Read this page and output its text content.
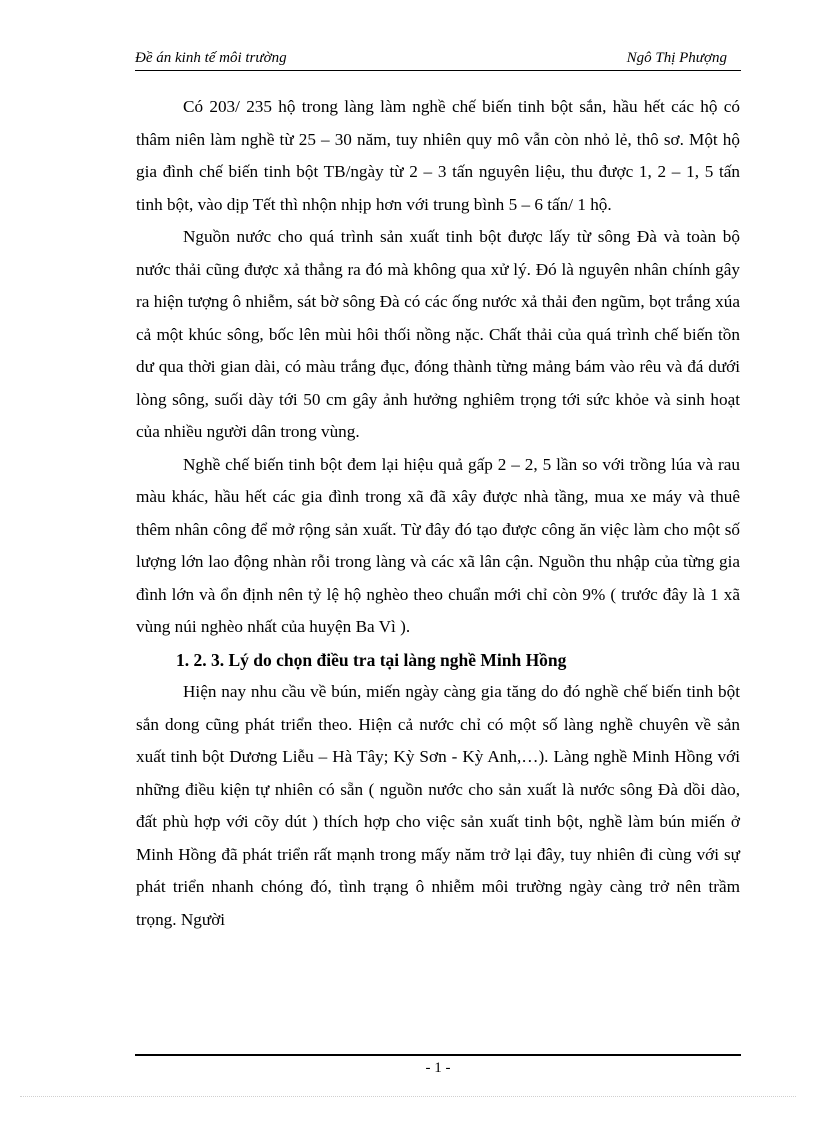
Đề án kinh tế môi trường	Ngô Thị Phượng

Có 203/ 235 hộ trong làng làm nghề chế biến tinh bột sắn, hầu hết các hộ có thâm niên làm nghề từ 25 – 30 năm, tuy nhiên quy mô vẫn còn nhỏ lẻ, thô sơ. Một hộ gia đình chế biến tinh bột TB/ngày từ 2 – 3 tấn nguyên liệu, thu được 1, 2 – 1, 5 tấn tinh bột, vào dịp Tết thì nhộn nhịp hơn với trung bình 5 – 6 tấn/ 1 hộ.

Nguồn nước cho quá trình sản xuất tinh bột được lấy từ sông Đà và toàn bộ nước thải cũng được xả thẳng ra đó mà không qua xử lý. Đó là nguyên nhân chính gây ra hiện tượng ô nhiễm, sát bờ sông Đà có các ống nước xả thải đen ngũm, bọt trắng xúa cả một khúc sông, bốc lên mùi hôi thối nồng nặc. Chất thải của quá trình chế biến tồn dư qua thời gian dài, có màu trắng đục, đóng thành từng mảng bám vào rêu và đá dưới lòng sông, suối dày tới 50 cm gây ảnh hưởng nghiêm trọng tới sức khỏe và sinh hoạt của nhiều người dân trong vùng.

Nghề chế biến tinh bột đem lại hiệu quả gấp 2 – 2, 5 lần so với trồng lúa và rau màu khác, hầu hết các gia đình trong xã đã xây được nhà tầng, mua xe máy và thuê thêm nhân công để mở rộng sản xuất. Từ đây đó tạo được công ăn việc làm cho một số lượng lớn lao động nhàn rỗi trong làng và các xã lân cận. Nguồn thu nhập của từng gia đình lớn và ổn định nên tỷ lệ hộ nghèo theo chuẩn mới chỉ còn 9% ( trước đây là 1 xã vùng núi nghèo nhất của huyện Ba Vì ).

1. 2. 3. Lý do chọn điều tra tại làng nghề Minh Hồng

Hiện nay nhu cầu về bún, miến ngày càng gia tăng do đó nghề chế biến tinh bột sắn dong cũng phát triển theo. Hiện cả nước chỉ có một số làng nghề chuyên về sản xuất tinh bột Dương Liễu – Hà Tây; Kỳ Sơn - Kỳ Anh,…). Làng nghề Minh Hồng với những điều kiện tự nhiên có sẵn ( nguồn nước cho sản xuất là nước sông Đà dồi dào, đất phù hợp với cõy dút ) thích hợp cho việc sản xuất tinh bột, nghề làm bún miến ở Minh Hồng đã phát triển rất mạnh trong mấy năm trở lại đây, tuy nhiên đi cùng với sự phát triển nhanh chóng đó, tình trạng ô nhiễm môi trường ngày càng trở nên trầm trọng. Người

- 1 -
